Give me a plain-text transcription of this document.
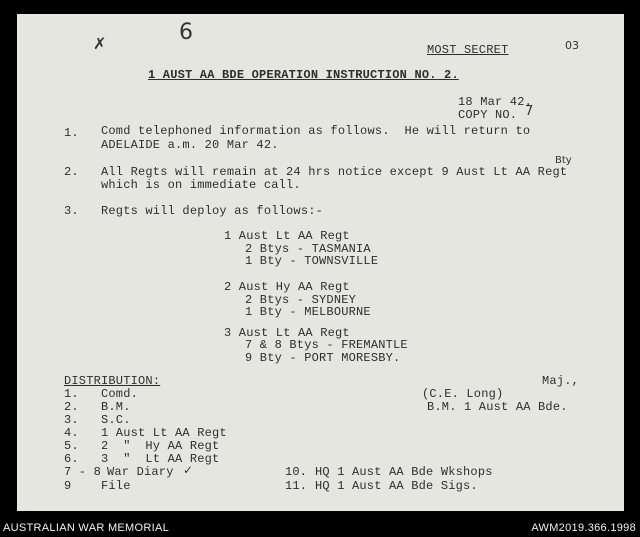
✗	6
03
MOST SECRET
1 AUST AA BDE OPERATION INSTRUCTION NO. 2.
18 Mar 42.
COPY NO. 7
1. Comd telephoned information as follows.  He will return to
ADELAIDE a.m. 20 Mar 42.
2.
Bty
All Regts will remain at 24 hrs notice except 9 Aust Lt AA Regt
which is on immediate call.
3. Regts will deploy as follows:-
1 Aust Lt AA Regt
2 Btys - TASMANIA
1 Bty - TOWNSVILLE
2 Aust Hy AA Regt
2 Btys - SYDNEY
1 Bty - MELBOURNE
3 Aust Lt AA Regt
7 & 8 Btys - FREMANTLE
9 Bty - PORT MORESBY.
Maj.,
(C.E. Long)
B.M. 1 Aust AA Bde.
DISTRIBUTION:
1. Comd.
2. B.M.
3. S.C.
4. 1 Aust Lt AA Regt
5. 2  "  Hy AA Regt
6. 3  "  Lt AA Regt
7 - 8 War Diary ✓
9 File
10. HQ 1 Aust AA Bde Wkshops
11. HQ 1 Aust AA Bde Sigs.
AUSTRALIAN WAR MEMORIAL	AWM2019.366.1998
